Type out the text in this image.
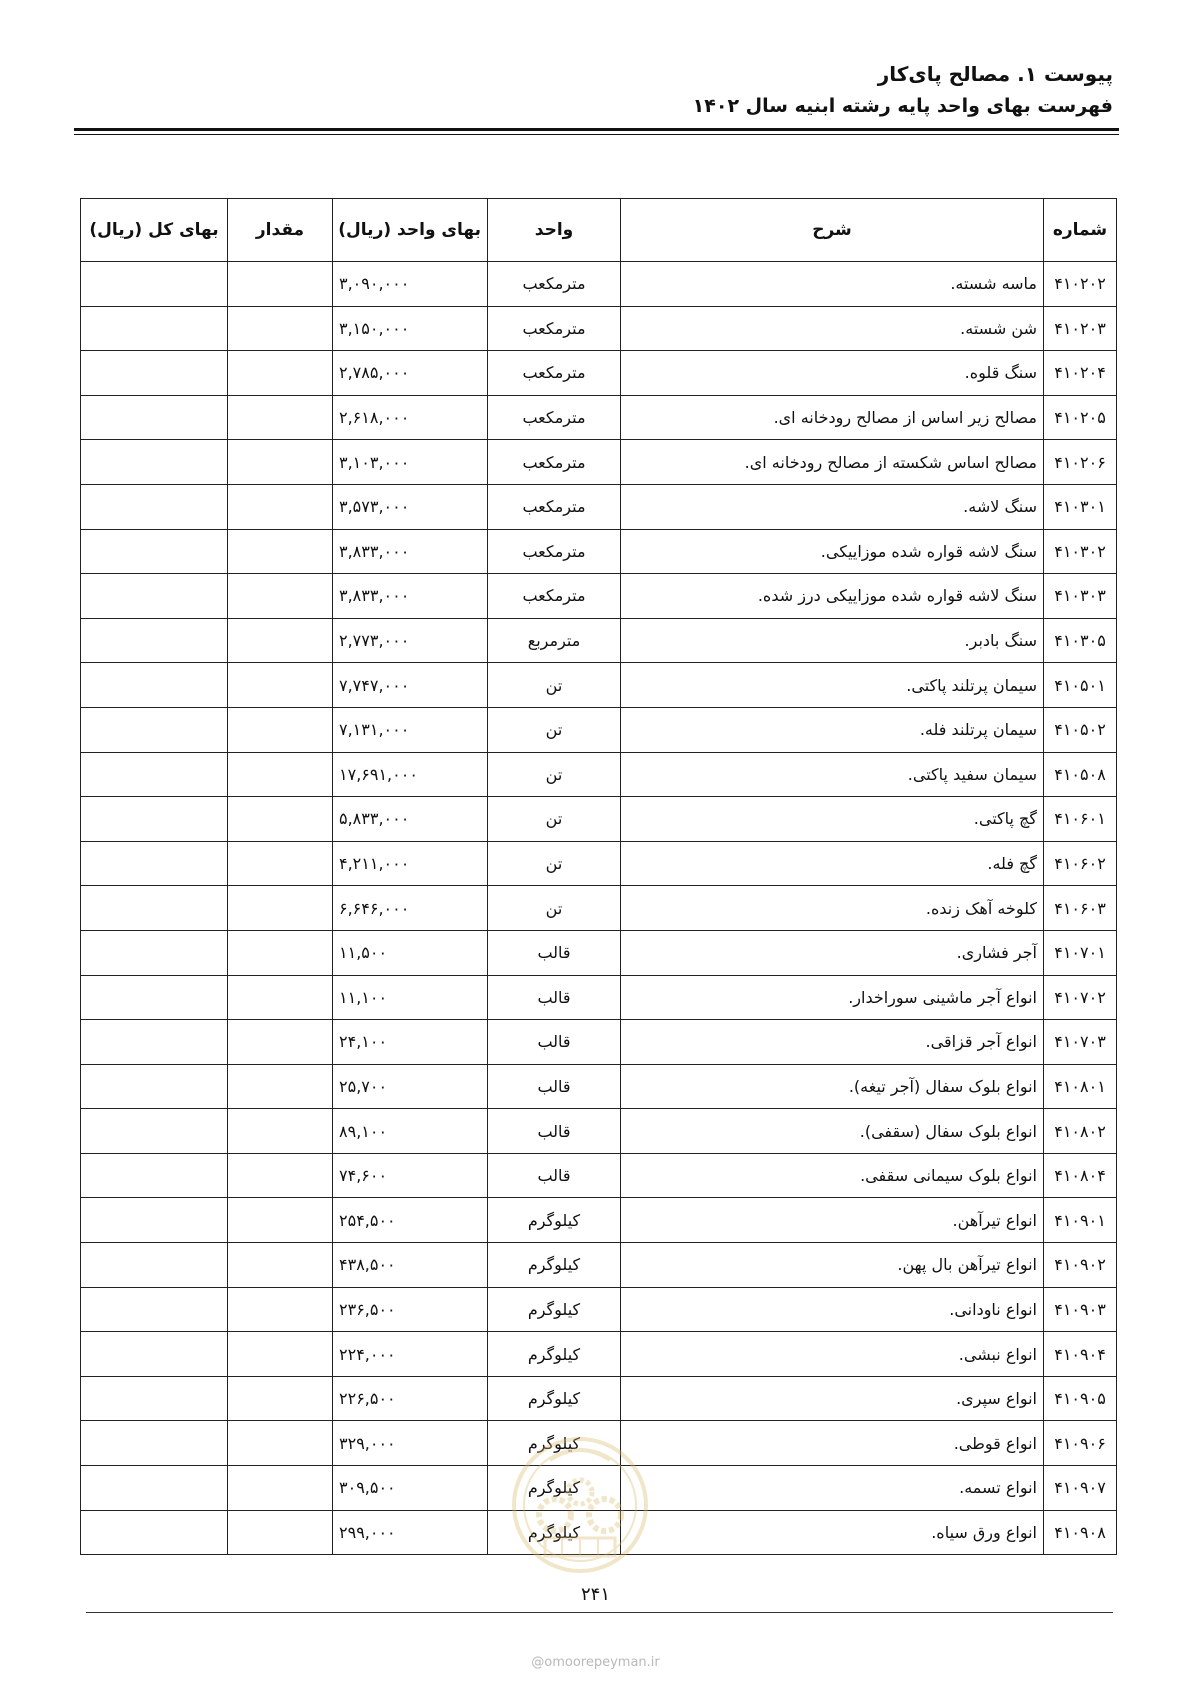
پیوست ۱. مصالح پای‌کار
فهرست بهای واحد پایه رشته ابنیه سال ۱۴۰۲
شماره	شرح	واحد	بهای واحد (ریال)	مقدار	بهای کل (ریال)
۴۱۰۲۰۲	ماسه شسته.	مترمکعب	۳,۰۹۰,۰۰۰		
۴۱۰۲۰۳	شن شسته.	مترمکعب	۳,۱۵۰,۰۰۰		
۴۱۰۲۰۴	سنگ قلوه.	مترمکعب	۲,۷۸۵,۰۰۰		
۴۱۰۲۰۵	مصالح زیر اساس از مصالح رودخانه ای.	مترمکعب	۲,۶۱۸,۰۰۰		
۴۱۰۲۰۶	مصالح اساس شکسته از مصالح رودخانه ای.	مترمکعب	۳,۱۰۳,۰۰۰		
۴۱۰۳۰۱	سنگ لاشه.	مترمکعب	۳,۵۷۳,۰۰۰		
۴۱۰۳۰۲	سنگ لاشه قواره شده موزاییکی.	مترمکعب	۳,۸۳۳,۰۰۰		
۴۱۰۳۰۳	سنگ لاشه قواره شده موزاییکی درز شده.	مترمکعب	۳,۸۳۳,۰۰۰		
۴۱۰۳۰۵	سنگ بادبر.	مترمربع	۲,۷۷۳,۰۰۰		
۴۱۰۵۰۱	سیمان پرتلند پاکتی.	تن	۷,۷۴۷,۰۰۰		
۴۱۰۵۰۲	سیمان پرتلند فله.	تن	۷,۱۳۱,۰۰۰		
۴۱۰۵۰۸	سیمان سفید پاکتی.	تن	۱۷,۶۹۱,۰۰۰		
۴۱۰۶۰۱	گچ پاکتی.	تن	۵,۸۳۳,۰۰۰		
۴۱۰۶۰۲	گچ فله.	تن	۴,۲۱۱,۰۰۰		
۴۱۰۶۰۳	کلوخه آهک زنده.	تن	۶,۶۴۶,۰۰۰		
۴۱۰۷۰۱	آجر فشاری.	قالب	۱۱,۵۰۰		
۴۱۰۷۰۲	انواع آجر ماشینی سوراخدار.	قالب	۱۱,۱۰۰		
۴۱۰۷۰۳	انواع آجر قزاقی.	قالب	۲۴,۱۰۰		
۴۱۰۸۰۱	انواع بلوک سفال (آجر تیغه).	قالب	۲۵,۷۰۰		
۴۱۰۸۰۲	انواع بلوک سفال (سقفی).	قالب	۸۹,۱۰۰		
۴۱۰۸۰۴	انواع بلوک سیمانی سقفی.	قالب	۷۴,۶۰۰		
۴۱۰۹۰۱	انواع تیرآهن.	کیلوگرم	۲۵۴,۵۰۰		
۴۱۰۹۰۲	انواع تیرآهن بال پهن.	کیلوگرم	۴۳۸,۵۰۰		
۴۱۰۹۰۳	انواع ناودانی.	کیلوگرم	۲۳۶,۵۰۰		
۴۱۰۹۰۴	انواع نبشی.	کیلوگرم	۲۲۴,۰۰۰		
۴۱۰۹۰۵	انواع سپری.	کیلوگرم	۲۲۶,۵۰۰		
۴۱۰۹۰۶	انواع قوطی.	کیلوگرم	۳۲۹,۰۰۰		
۴۱۰۹۰۷	انواع تسمه.	کیلوگرم	۳۰۹,۵۰۰		
۴۱۰۹۰۸	انواع ورق سیاه.	کیلوگرم	۲۹۹,۰۰۰		
۲۴۱
@omoorepeyman.ir
